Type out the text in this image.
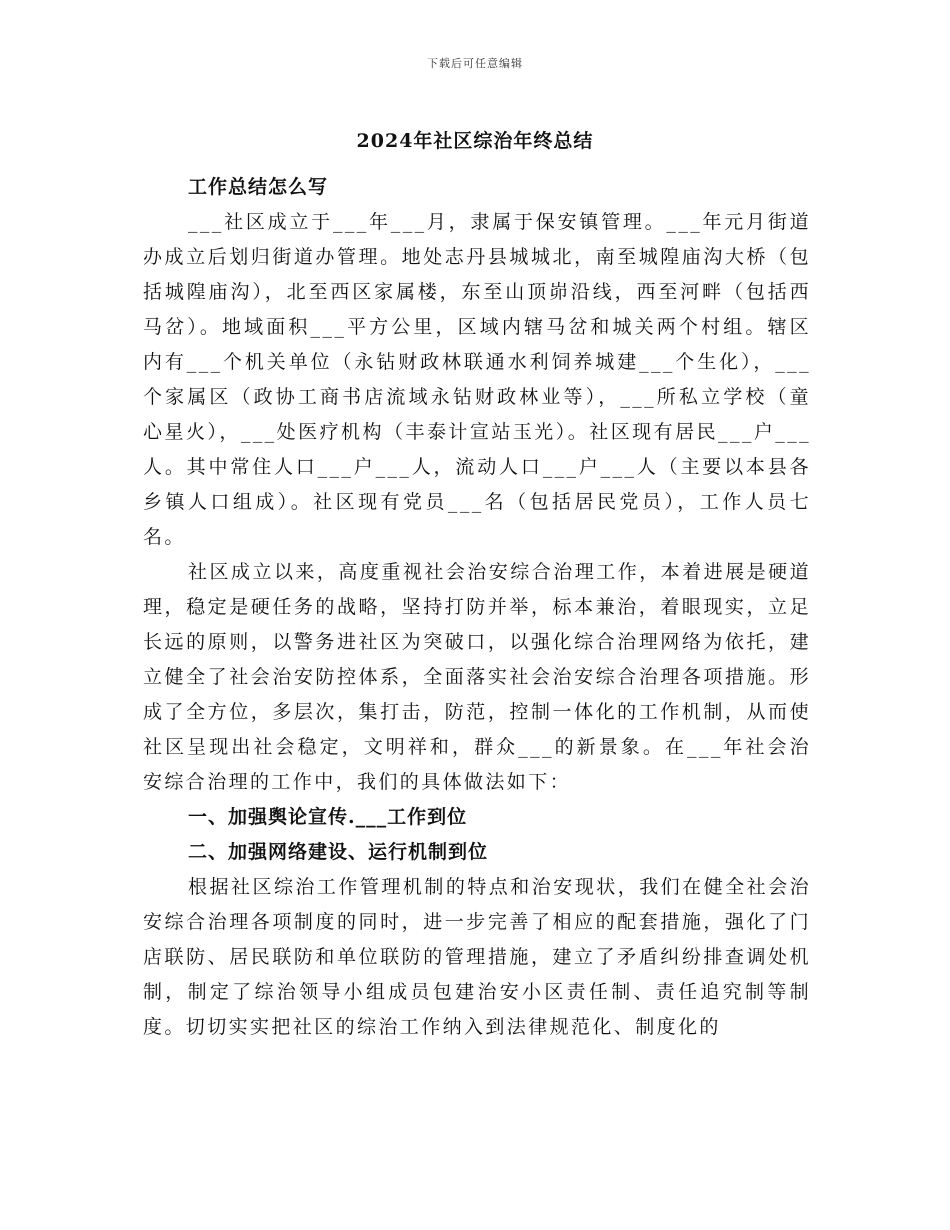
下载后可任意编辑
2024年社区综治年终总结

工作总结怎么写

___社区成立于___年___月，隶属于保安镇管理。___年元月街道办成立后划归街道办管理。地处志丹县城城北，南至城隍庙沟大桥（包括城隍庙沟），北至西区家属楼，东至山顶峁沿线，西至河畔（包括西马岔）。地域面积___平方公里，区域内辖马岔和城关两个村组。辖区内有___个机关单位（永钻财政林联通水利饲养城建___个生化），___个家属区（政协工商书店流域永钻财政林业等），___所私立学校（童心星火），___处医疗机构（丰泰计宣站玉光）。社区现有居民___户___人。其中常住人口___户___人，流动人口___户___人（主要以本县各乡镇人口组成）。社区现有党员___名（包括居民党员），工作人员七名。

社区成立以来，高度重视社会治安综合治理工作，本着进展是硬道理，稳定是硬任务的战略，坚持打防并举，标本兼治，着眼现实，立足长远的原则，以警务进社区为突破口，以强化综合治理网络为依托，建立健全了社会治安防控体系，全面落实社会治安综合治理各项措施。形成了全方位，多层次，集打击，防范，控制一体化的工作机制，从而使社区呈现出社会稳定，文明祥和，群众___的新景象。在___年社会治安综合治理的工作中，我们的具体做法如下：

一、加强舆论宣传.___工作到位

二、加强网络建设、运行机制到位

根据社区综治工作管理机制的特点和治安现状，我们在健全社会治安综合治理各项制度的同时，进一步完善了相应的配套措施，强化了门店联防、居民联防和单位联防的管理措施，建立了矛盾纠纷排查调处机制，制定了综治领导小组成员包建治安小区责任制、责任追究制等制度。切切实实把社区的综治工作纳入到法律规范化、制度化的
